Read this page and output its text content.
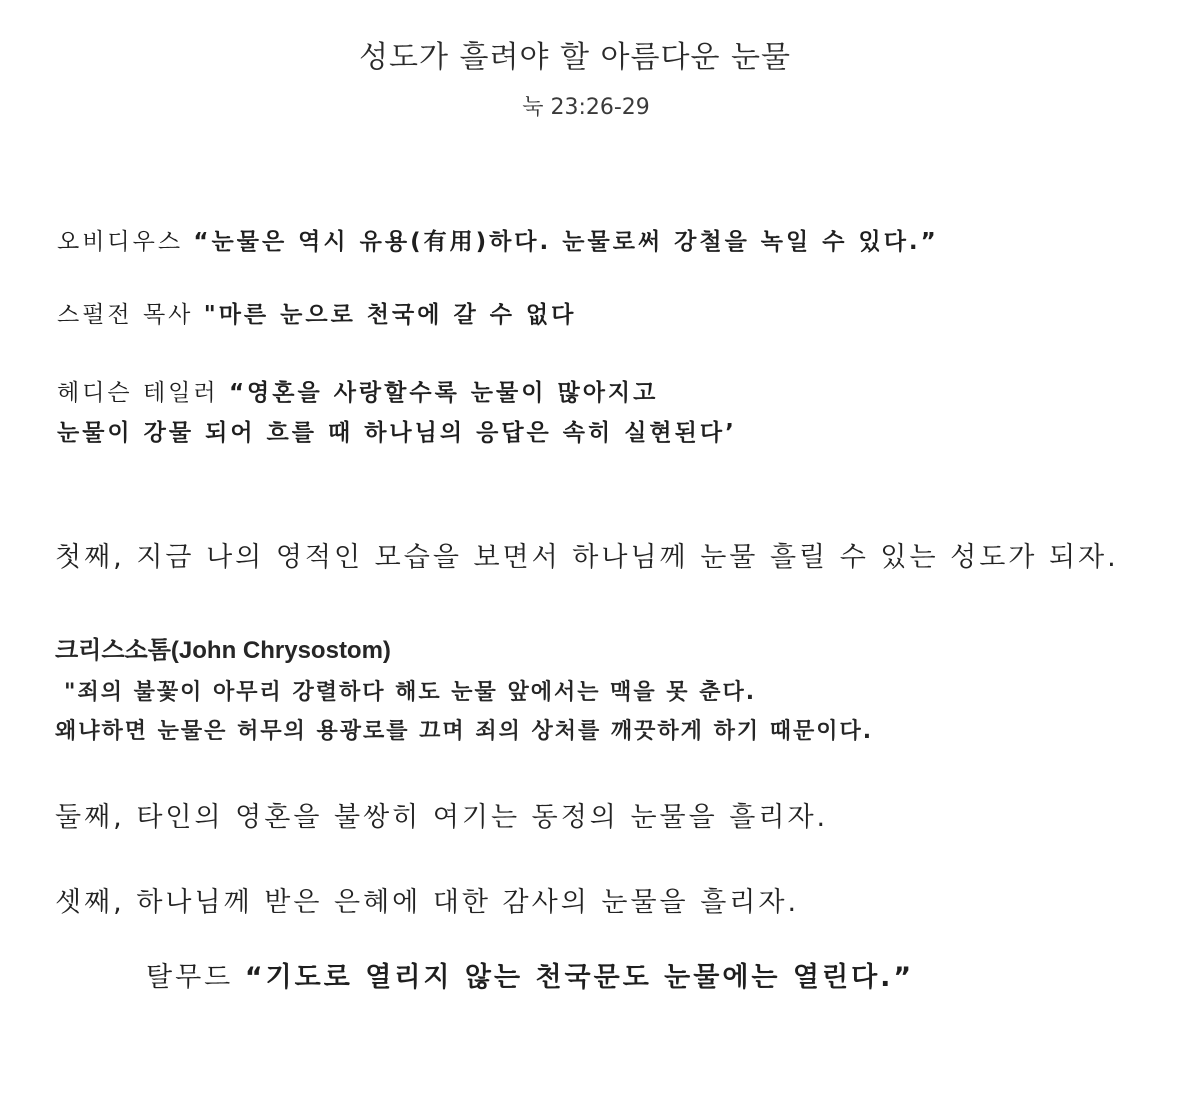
성도가 흘려야 할 아름다운 눈물

눅 23:26-29

오비디우스 “눈물은 역시 유용(有用)하다. 눈물로써 강철을 녹일 수 있다.”

스펄전 목사 "마른 눈으로 천국에 갈 수 없다

헤디슨 테일러 “영혼을 사랑할수록 눈물이 많아지고

눈물이 강물 되어 흐를 때 하나님의 응답은 속히 실현된다’

첫째, 지금 나의 영적인 모습을 보면서 하나님께 눈물 흘릴 수 있는 성도가 되자.

크리스소톰(John Chrysostom)

"죄의 불꽃이 아무리 강렬하다 해도 눈물 앞에서는 맥을 못 춘다.

왜냐하면 눈물은 허무의 용광로를 끄며 죄의 상처를 깨끗하게 하기 때문이다.

둘째, 타인의 영혼을 불쌍히 여기는 동정의 눈물을 흘리자.

셋째, 하나님께 받은 은혜에 대한 감사의 눈물을 흘리자.

탈무드 “기도로 열리지 않는 천국문도 눈물에는 열린다.”
